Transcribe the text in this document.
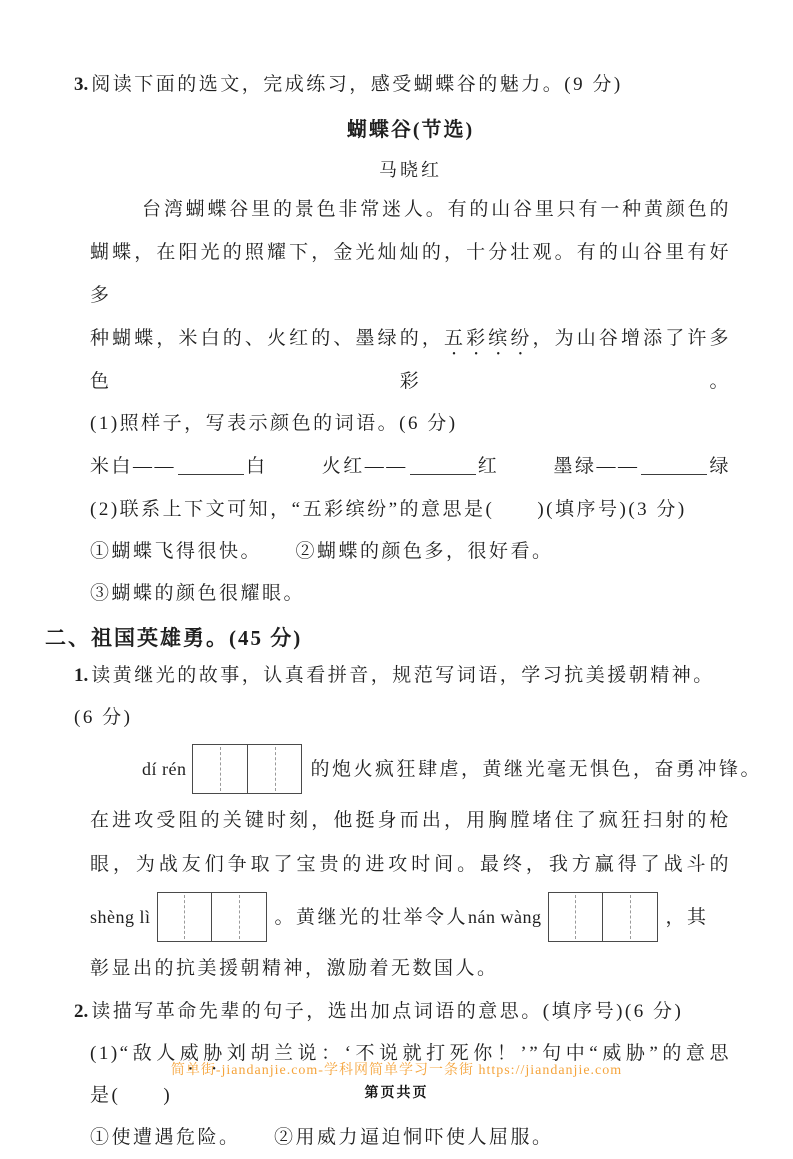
3. 阅读下面的选文，完成练习，感受蝴蝶谷的魅力。(9 分)
蝴蝶谷(节选)
马晓红
台湾蝴蝶谷里的景色非常迷人。有的山谷里只有一种黄颜色的
蝴蝶，在阳光的照耀下，金光灿灿的，十分壮观。有的山谷里有好多
种蝴蝶，米白的、火红的、墨绿的，五彩缤纷，为山谷增添了许多色彩。
(1)照样子，写表示颜色的词语。(6 分)
米白——	白	火红——	红	墨绿——	绿
(2)联系上下文可知，“五彩缤纷”的意思是(　　)(填序号)(3 分)
①蝴蝶飞得很快。　　②蝴蝶的颜色多，很好看。
③蝴蝶的颜色很耀眼。
二、祖国英雄勇。(45 分)
1. 读黄继光的故事，认真看拼音，规范写词语，学习抗美援朝精神。(6 分)
dí rén	的炮火疯狂肆虐，黄继光毫无惧色，奋勇冲锋。
在进攻受阻的关键时刻，他挺身而出，用胸膛堵住了疯狂扫射的枪
眼，为战友们争取了宝贵的进攻时间。最终，我方赢得了战斗的
shèng lì	。黄继光的壮举令人nán wàng	，其
彰显出的抗美援朝精神，激励着无数国人。
2. 读描写革命先辈的句子，选出加点词语的意思。(填序号)(6 分)
(1)“敌人威胁刘胡兰说：‘不说就打死你！’”句中“威胁”的意思
是(　　)
①使遭遇危险。　　②用威力逼迫恫吓使人屈服。
简单街-jiandanjie.com-学科网简单学习一条街 https://jiandanjie.com
第页共页
